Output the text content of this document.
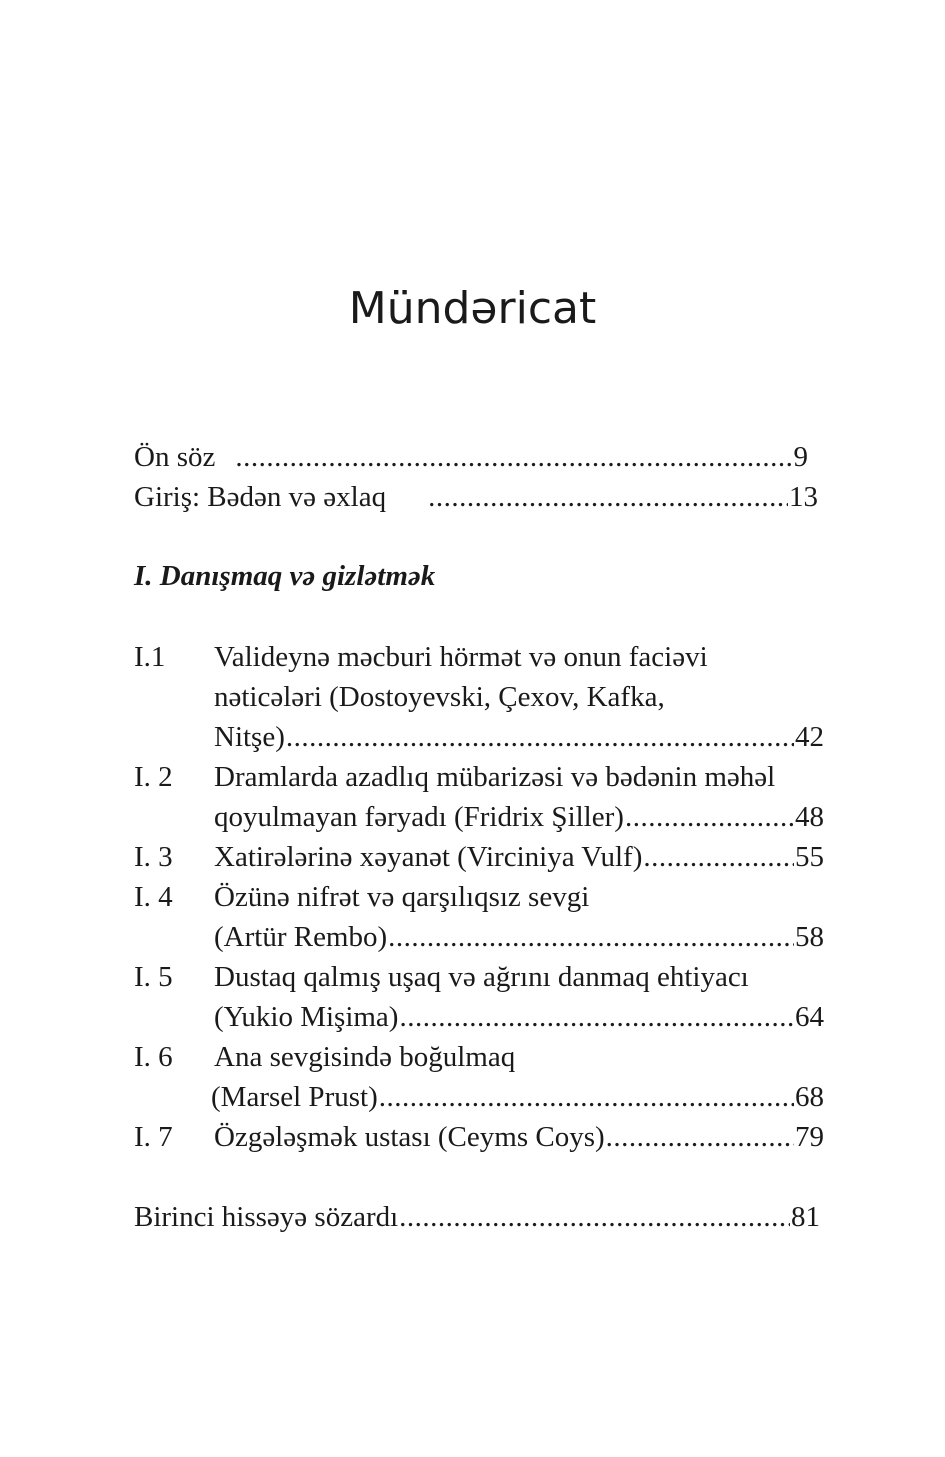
Mündəricat
Ön söz .....	9
Giriş: Bədən və əxlaq .....	13
I. Danışmaq və gizlətmək
I.1 Valideynə məcburi hörmət və onun faciəvi
nəticələri (Dostoyevski, Çexov, Kafka,
Nitşe) .....	42
I. 2 Dramlarda azadlıq mübarizəsi və bədənin məhəl
qoyulmayan fəryadı (Fridrix Şiller) .....	48
I. 3 Xatirələrinə xəyanət (Virciniya Vulf) .....	55
I. 4 Özünə nifrət və qarşılıqsız sevgi
(Artür Rembo) .....	58
I. 5 Dustaq qalmış uşaq və ağrını danmaq ehtiyacı
(Yukio Mişima) .....	64
I. 6 Ana sevgisində boğulmaq
(Marsel Prust) .....	68
I. 7 Özgələşmək ustası (Ceyms Coys) .....	79
Birinci hissəyə sözardı .....	81
